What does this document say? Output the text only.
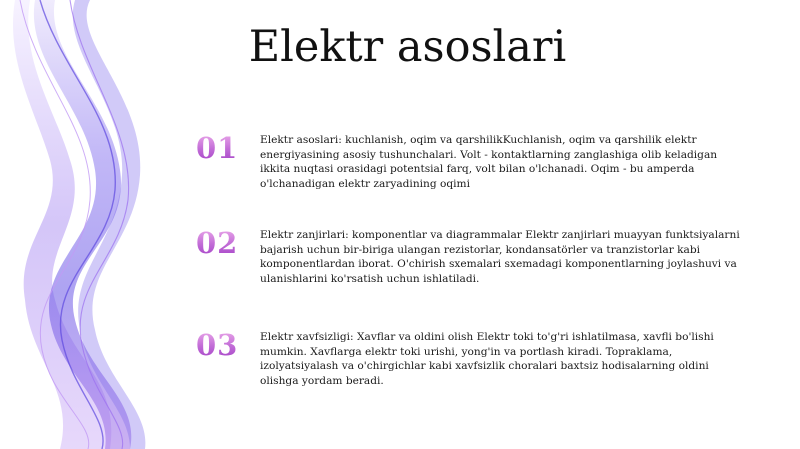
Elektr asoslari
01	Elektr asoslari: kuchlanish, oqim va qarshilikKuchlanish, oqim va qarshilik elektr energiyasining asosiy tushunchalari. Volt - kontaktlarning zanglashiga olib keladigan ikkita nuqtasi orasidagi potentsial farq, volt bilan o'lchanadi. Oqim - bu amperda o'lchanadigan elektr zaryadining oqimi

02	Elektr zanjirlari: komponentlar va diagrammalar Elektr zanjirlari muayyan funktsiyalarni bajarish uchun bir-biriga ulangan rezistorlar, kondansatörler va tranzistorlar kabi komponentlardan iborat. O'chirish sxemalari sxemadagi komponentlarning joylashuvi va ulanishlarini ko'rsatish uchun ishlatiladi.

03	Elektr xavfsizligi: Xavflar va oldini olish Elektr toki to'g'ri ishlatilmasa, xavfli bo'lishi mumkin. Xavflarga elektr toki urishi, yong'in va portlash kiradi. Topraklama, izolyatsiyalash va o'chirgichlar kabi xavfsizlik choralari baxtsiz hodisalarning oldini olishga yordam beradi.
